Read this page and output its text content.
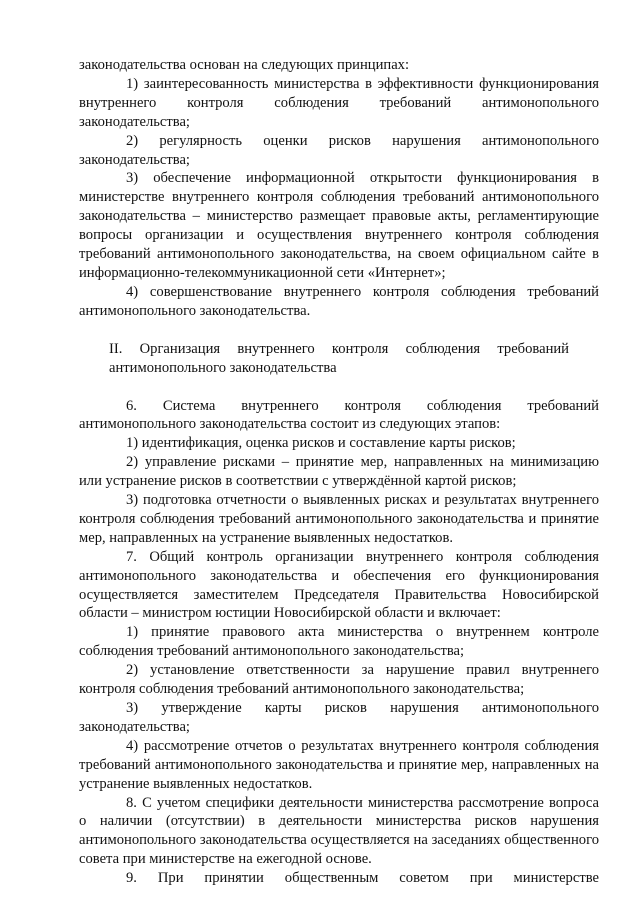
законодательства основан на следующих принципах:

1) заинтересованность министерства в эффективности функционирования внутреннего контроля соблюдения требований антимонопольного законодательства;

2) регулярность оценки рисков нарушения антимонопольного законодательства;

3) обеспечение информационной открытости функционирования в министерстве внутреннего контроля соблюдения требований антимонопольного законодательства – министерство размещает правовые акты, регламентирующие вопросы организации и осуществления внутреннего контроля соблюдения требований антимонопольного законодательства, на своем официальном сайте в информационно-телекоммуникационной сети «Интернет»;

4) совершенствование внутреннего контроля соблюдения требований антимонопольного законодательства.

II. Организация внутреннего контроля соблюдения требований антимонопольного законодательства

6. Система внутреннего контроля соблюдения требований антимонопольного законодательства состоит из следующих этапов:

1) идентификация, оценка рисков и составление карты рисков;

2) управление рисками – принятие мер, направленных на минимизацию или устранение рисков в соответствии с утверждённой картой рисков;

3) подготовка отчетности о выявленных рисках и результатах внутреннего контроля соблюдения требований антимонопольного законодательства и принятие мер, направленных на устранение выявленных недостатков.

7. Общий контроль организации внутреннего контроля соблюдения антимонопольного законодательства и обеспечения его функционирования осуществляется заместителем Председателя Правительства Новосибирской области – министром юстиции Новосибирской области и включает:

1) принятие правового акта министерства о внутреннем контроле соблюдения требований антимонопольного законодательства;

2) установление ответственности за нарушение правил внутреннего контроля соблюдения требований антимонопольного законодательства;

3) утверждение карты рисков нарушения антимонопольного законодательства;

4) рассмотрение отчетов о результатах внутреннего контроля соблюдения требований антимонопольного законодательства и принятие мер, направленных на устранение выявленных недостатков.

8. С учетом специфики деятельности министерства рассмотрение вопроса о наличии (отсутствии) в деятельности министерства рисков нарушения антимонопольного законодательства осуществляется на заседаниях общественного совета при министерстве на ежегодной основе.

9. При принятии общественным советом при министерстве
